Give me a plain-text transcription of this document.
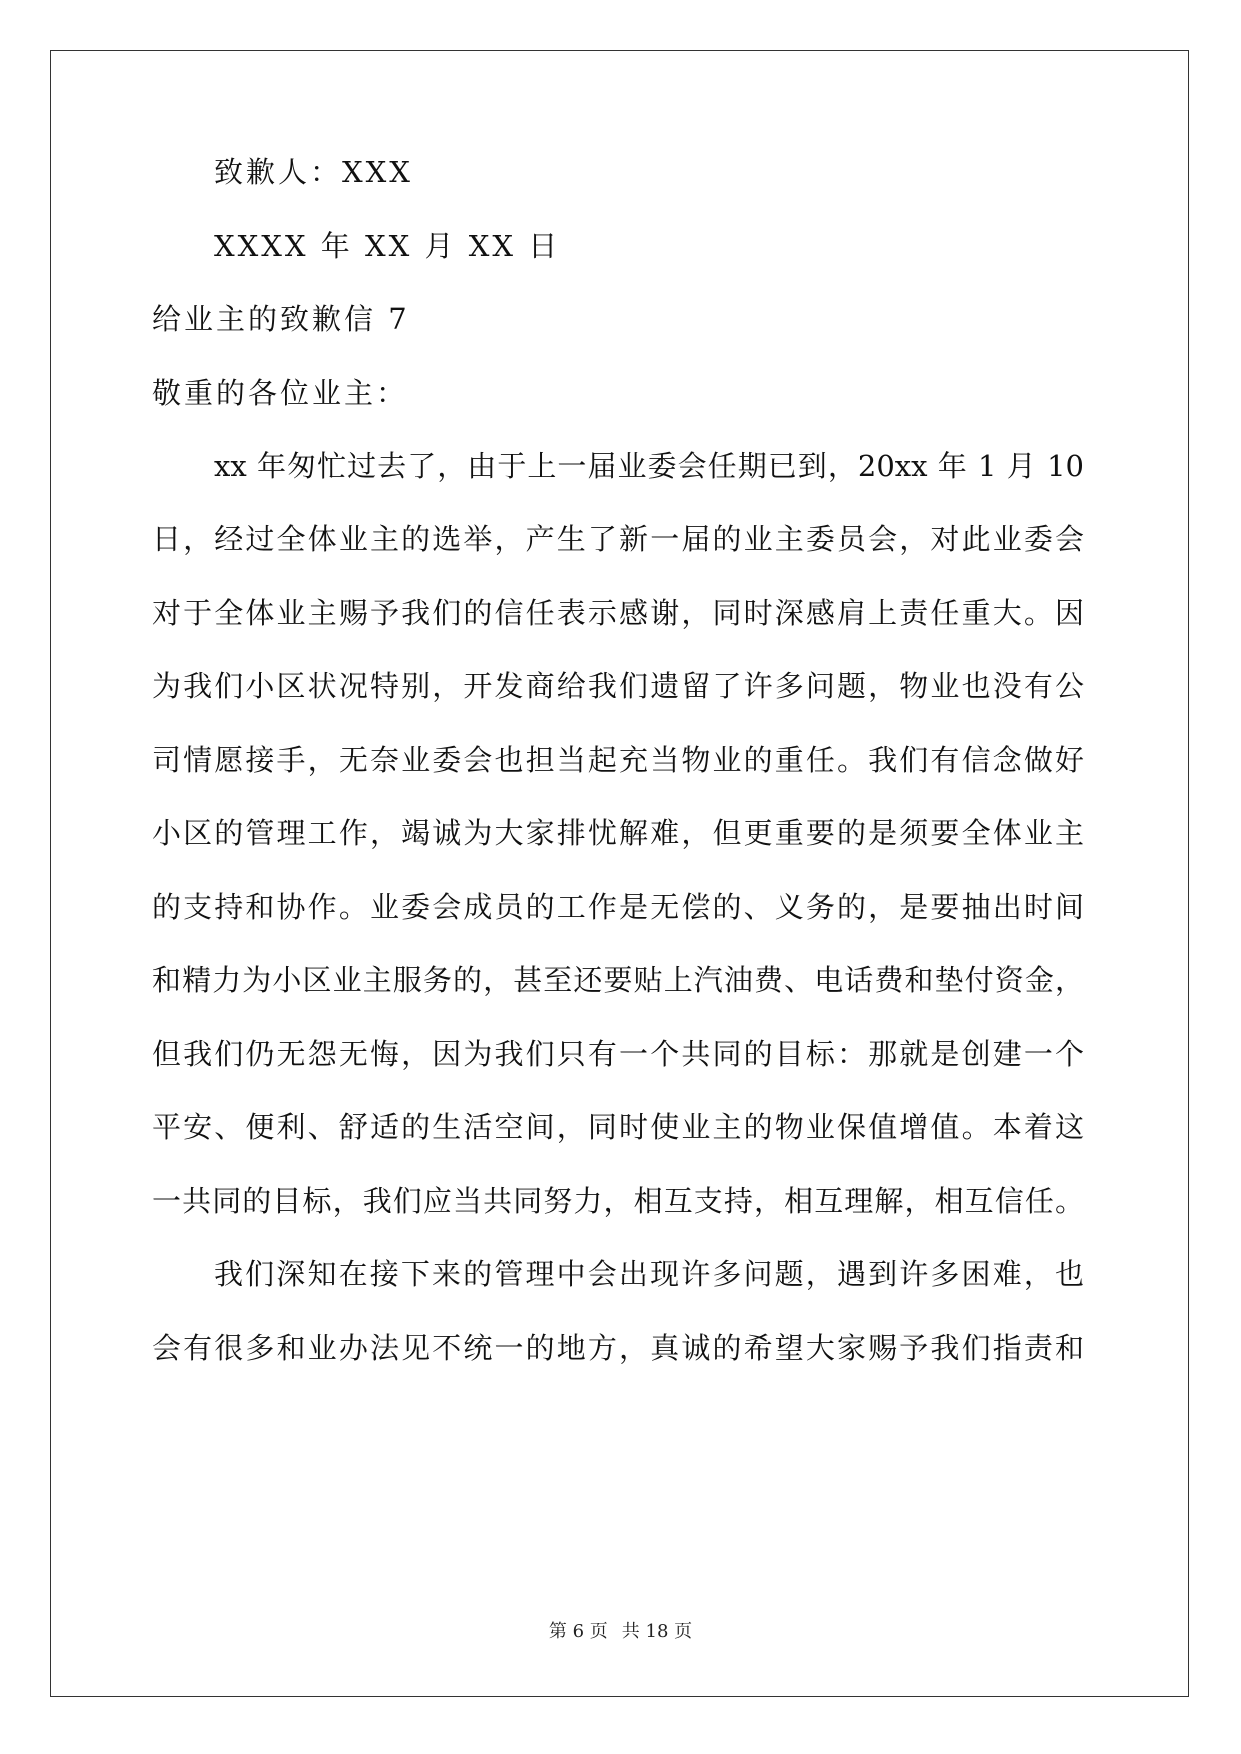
致歉人：XXX
XXXX 年 XX 月 XX 日
给业主的致歉信 7
敬重的各位业主：
xx 年匆忙过去了，由于上一届业委会任期已到，20xx 年 1 月 10
日，经过全体业主的选举，产生了新一届的业主委员会，对此业委会
对于全体业主赐予我们的信任表示感谢，同时深感肩上责任重大。因
为我们小区状况特别，开发商给我们遗留了许多问题，物业也没有公
司情愿接手，无奈业委会也担当起充当物业的重任。我们有信念做好
小区的管理工作，竭诚为大家排忧解难，但更重要的是须要全体业主
的支持和协作。业委会成员的工作是无偿的、义务的，是要抽出时间
和精力为小区业主服务的，甚至还要贴上汽油费、电话费和垫付资金，
但我们仍无怨无悔，因为我们只有一个共同的目标：那就是创建一个
平安、便利、舒适的生活空间，同时使业主的物业保值增值。本着这
一共同的目标，我们应当共同努力，相互支持，相互理解，相互信任。
我们深知在接下来的管理中会出现许多问题，遇到许多困难，也
会有很多和业办法见不统一的地方，真诚的希望大家赐予我们指责和
第 6 页 共 18 页
